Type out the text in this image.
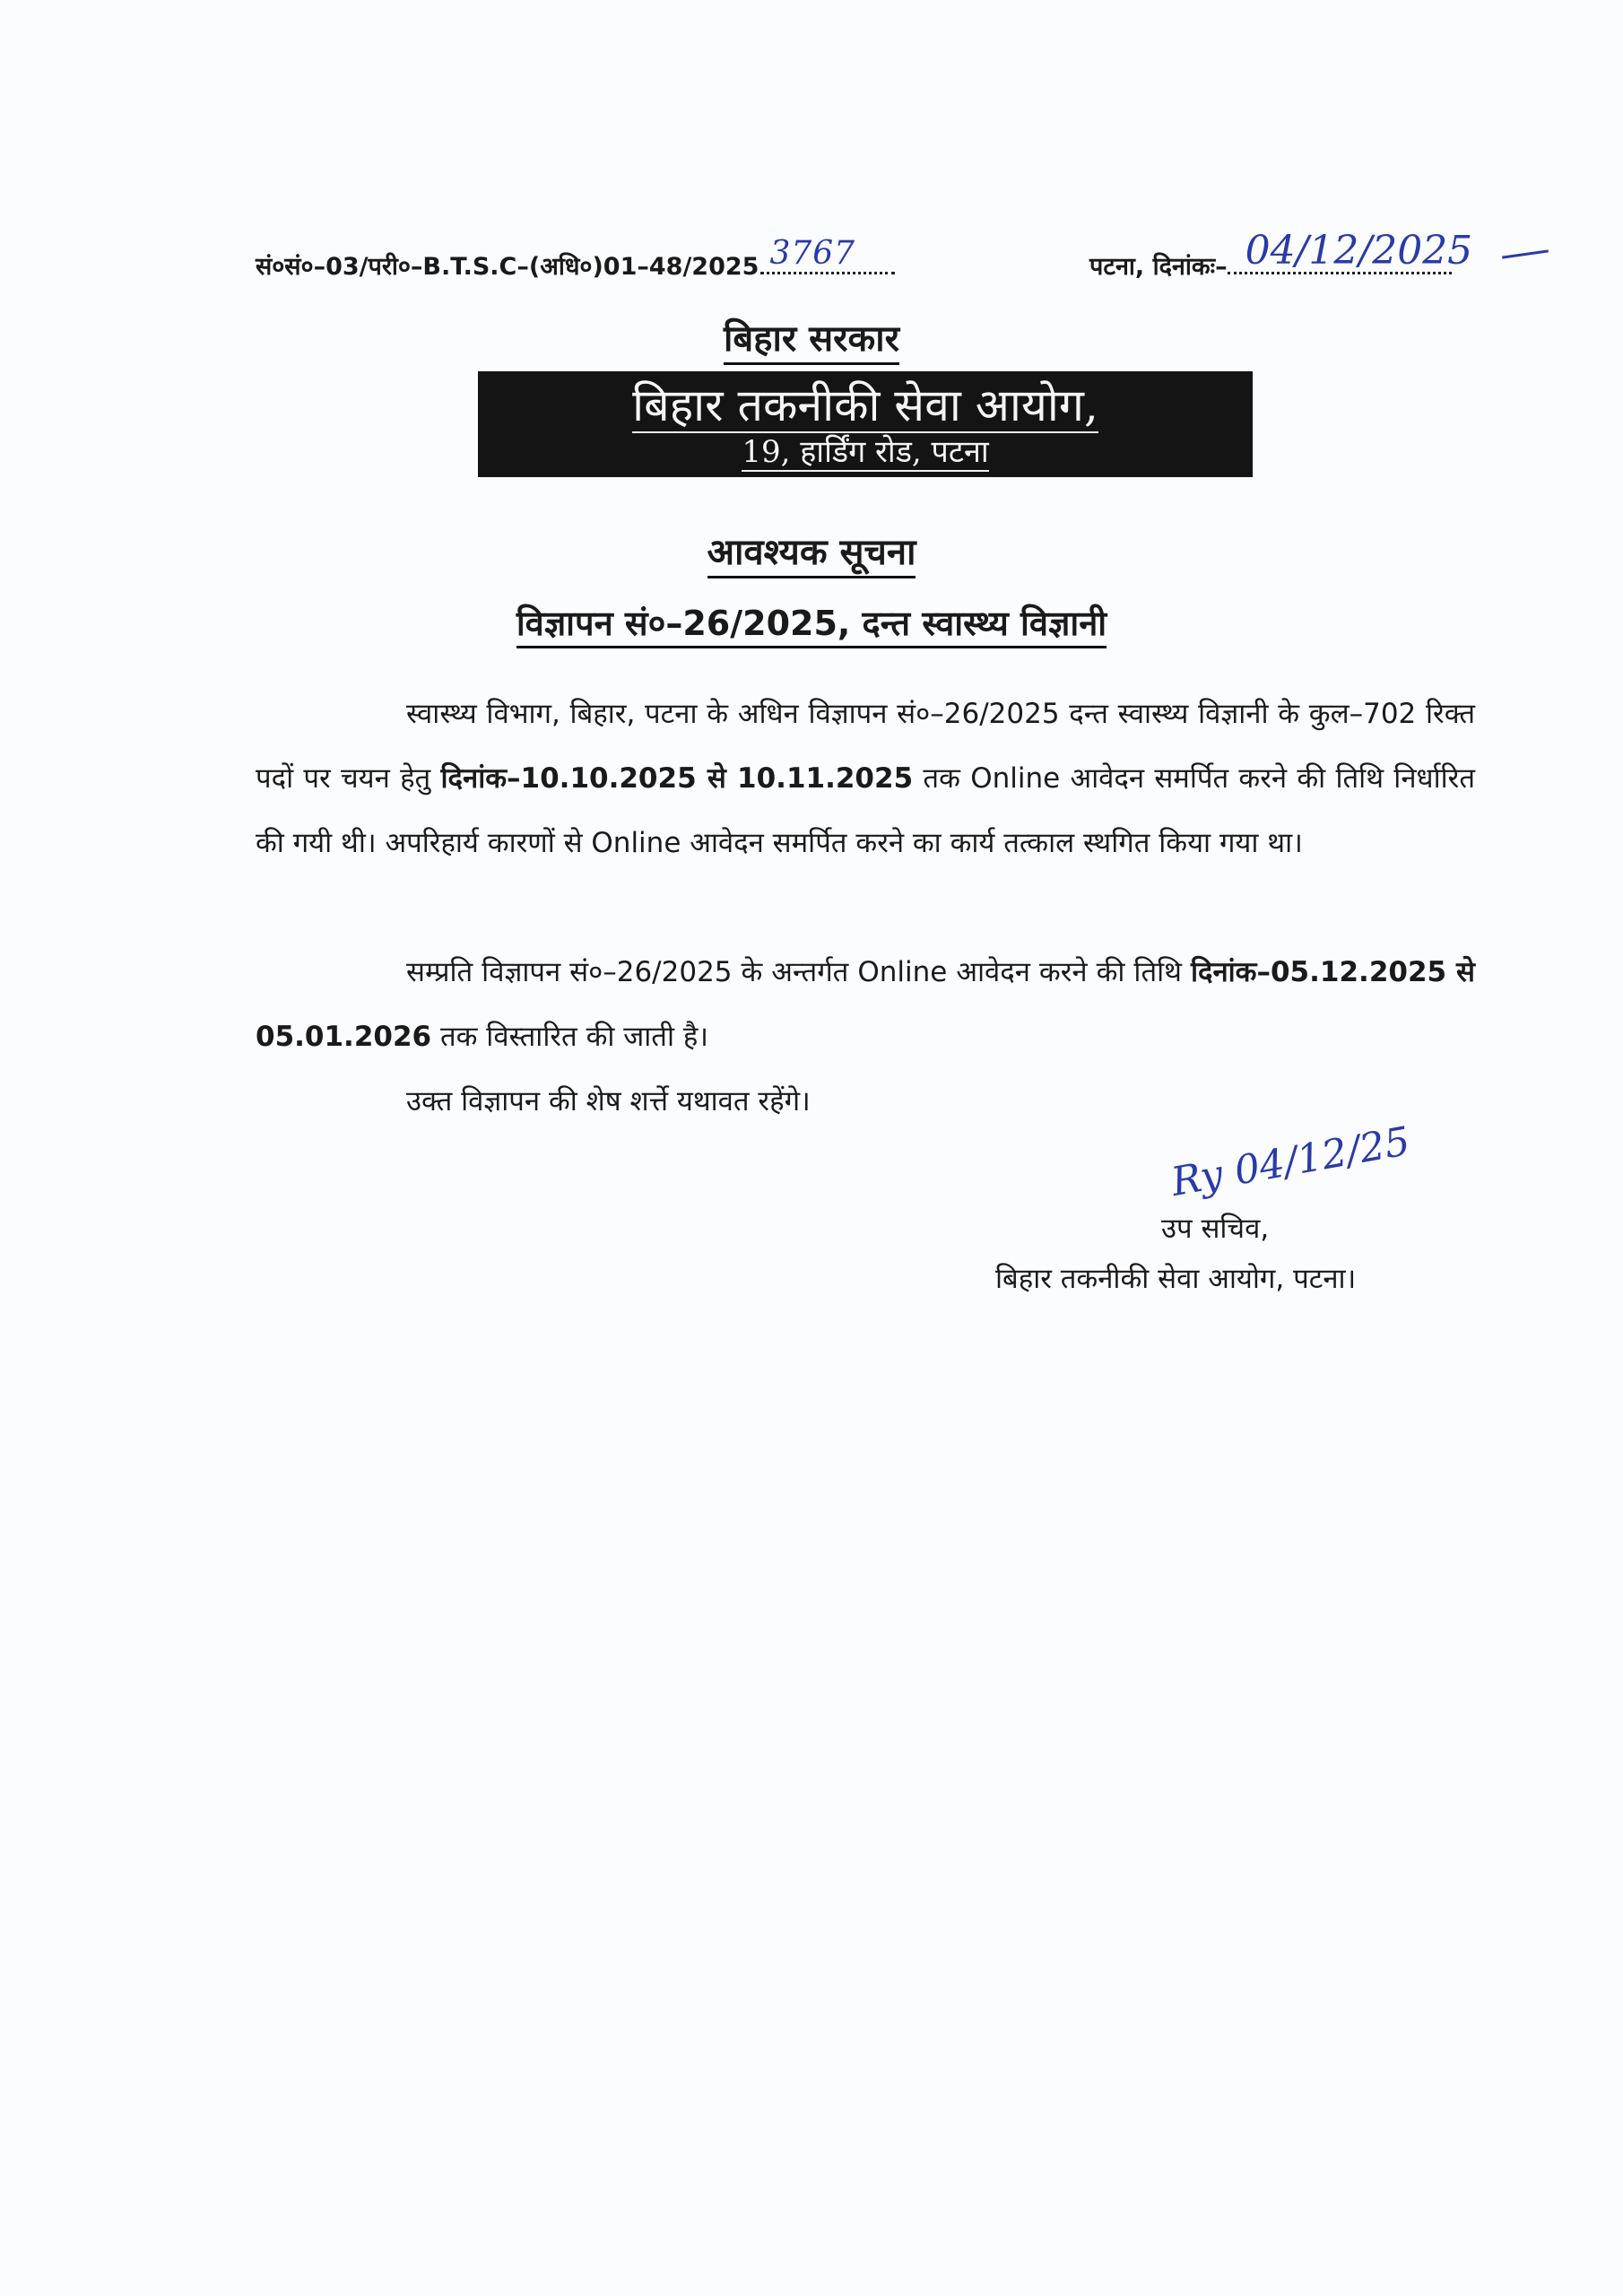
सं०सं०–03/परी०–B.T.S.C–(अधि०)01–48/2025 3767	पटना, दिनांकः– 04/12/2025
बिहार सरकार
बिहार तकनीकी सेवा आयोग,
19, हार्डिंग रोड, पटना
आवश्यक सूचना
विज्ञापन सं०–26/2025, दन्त स्वास्थ्य विज्ञानी

स्वास्थ्य विभाग, बिहार, पटना के अधिन विज्ञापन सं०–26/2025 दन्त स्वास्थ्य विज्ञानी के कुल–702 रिक्त पदों पर चयन हेतु दिनांक–10.10.2025 से 10.11.2025 तक Online आवेदन समर्पित करने की तिथि निर्धारित की गयी थी। अपरिहार्य कारणों से Online आवेदन समर्पित करने का कार्य तत्काल स्थगित किया गया था।

सम्प्रति विज्ञापन सं०–26/2025 के अन्तर्गत Online आवेदन करने की तिथि दिनांक–05.12.2025 से 05.01.2026 तक विस्तारित की जाती है।

उक्त विज्ञापन की शेष शर्त्ते यथावत रहेंगे।

Ry 04/12/25
उप सचिव,
बिहार तकनीकी सेवा आयोग, पटना।
